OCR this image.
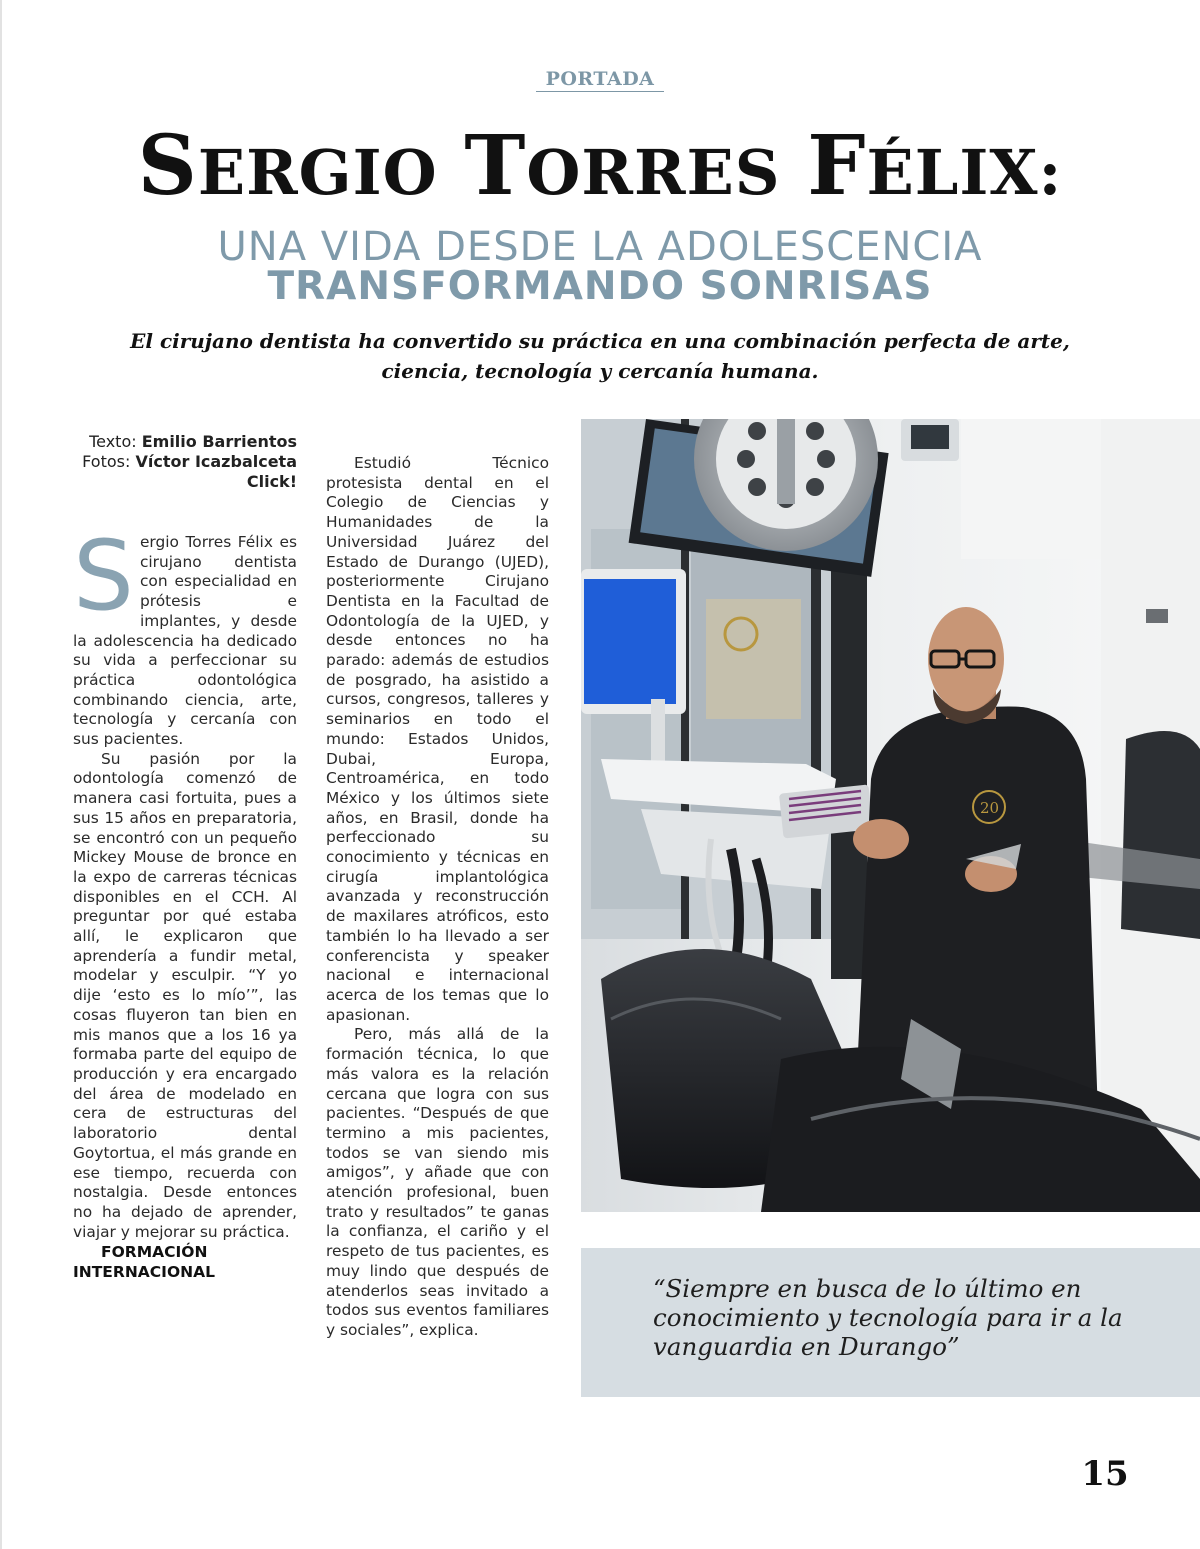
PORTADA
SERGIO TORRES FÉLIX:
UNA VIDA DESDE LA ADOLESCENCIA
TRANSFORMANDO SONRISAS
El cirujano dentista ha convertido su práctica en una combinación perfecta de arte, ciencia, tecnología y cercanía humana.
Texto: Emilio Barrientos
Fotos: Víctor Icazbalceta
Click!

Sergio Torres Félix es cirujano dentista con especialidad en prótesis e implantes, y desde la adolescencia ha dedicado su vida a perfeccionar su práctica odontológica combinando ciencia, arte, tecnología y cercanía con sus pacientes.

Su pasión por la odontología comenzó de manera casi fortuita, pues a sus 15 años en preparatoria, se encontró con un pequeño Mickey Mouse de bronce en la expo de carreras técnicas disponibles en el CCH. Al preguntar por qué estaba allí, le explicaron que aprendería a fundir metal, modelar y esculpir. “Y yo dije ‘esto es lo mío’”, las cosas fluyeron tan bien en mis manos que a los 16 ya formaba parte del equipo de producción y era encargado del área de modelado en cera de estructuras del laboratorio dental Goytortua, el más grande en ese tiempo, recuerda con nostalgia. Desde entonces no ha dejado de aprender, viajar y mejorar su práctica.

FORMACIÓN INTERNACIONAL

Estudió Técnico protesista dental en el Colegio de Ciencias y Humanidades de la Universidad Juárez del Estado de Durango (UJED), posteriormente Cirujano Dentista en la Facultad de Odontología de la UJED, y desde entonces no ha parado: además de estudios de posgrado, ha asistido a cursos, congresos, talleres y seminarios en todo el mundo: Estados Unidos, Dubai, Europa, Centroamérica, en todo México y los últimos siete años, en Brasil, donde ha perfeccionado su conocimiento y técnicas en cirugía implantológica avanzada y reconstrucción de maxilares atróficos, esto también lo ha llevado a ser conferencista y speaker nacional e internacional acerca de los temas que lo apasionan.

Pero, más allá de la formación técnica, lo que más valora es la relación cercana que logra con sus pacientes. “Después de que termino a mis pacientes, todos se van siendo mis amigos”, y añade que con atención profesional, buen trato y resultados” te ganas la confianza, el cariño y el respeto de tus pacientes, es muy lindo que después de atenderlos seas invitado a todos sus eventos familiares y sociales”, explica.

20
“Siempre en busca de lo último en conocimiento y tecnología para ir a la vanguardia en Durango”
15
